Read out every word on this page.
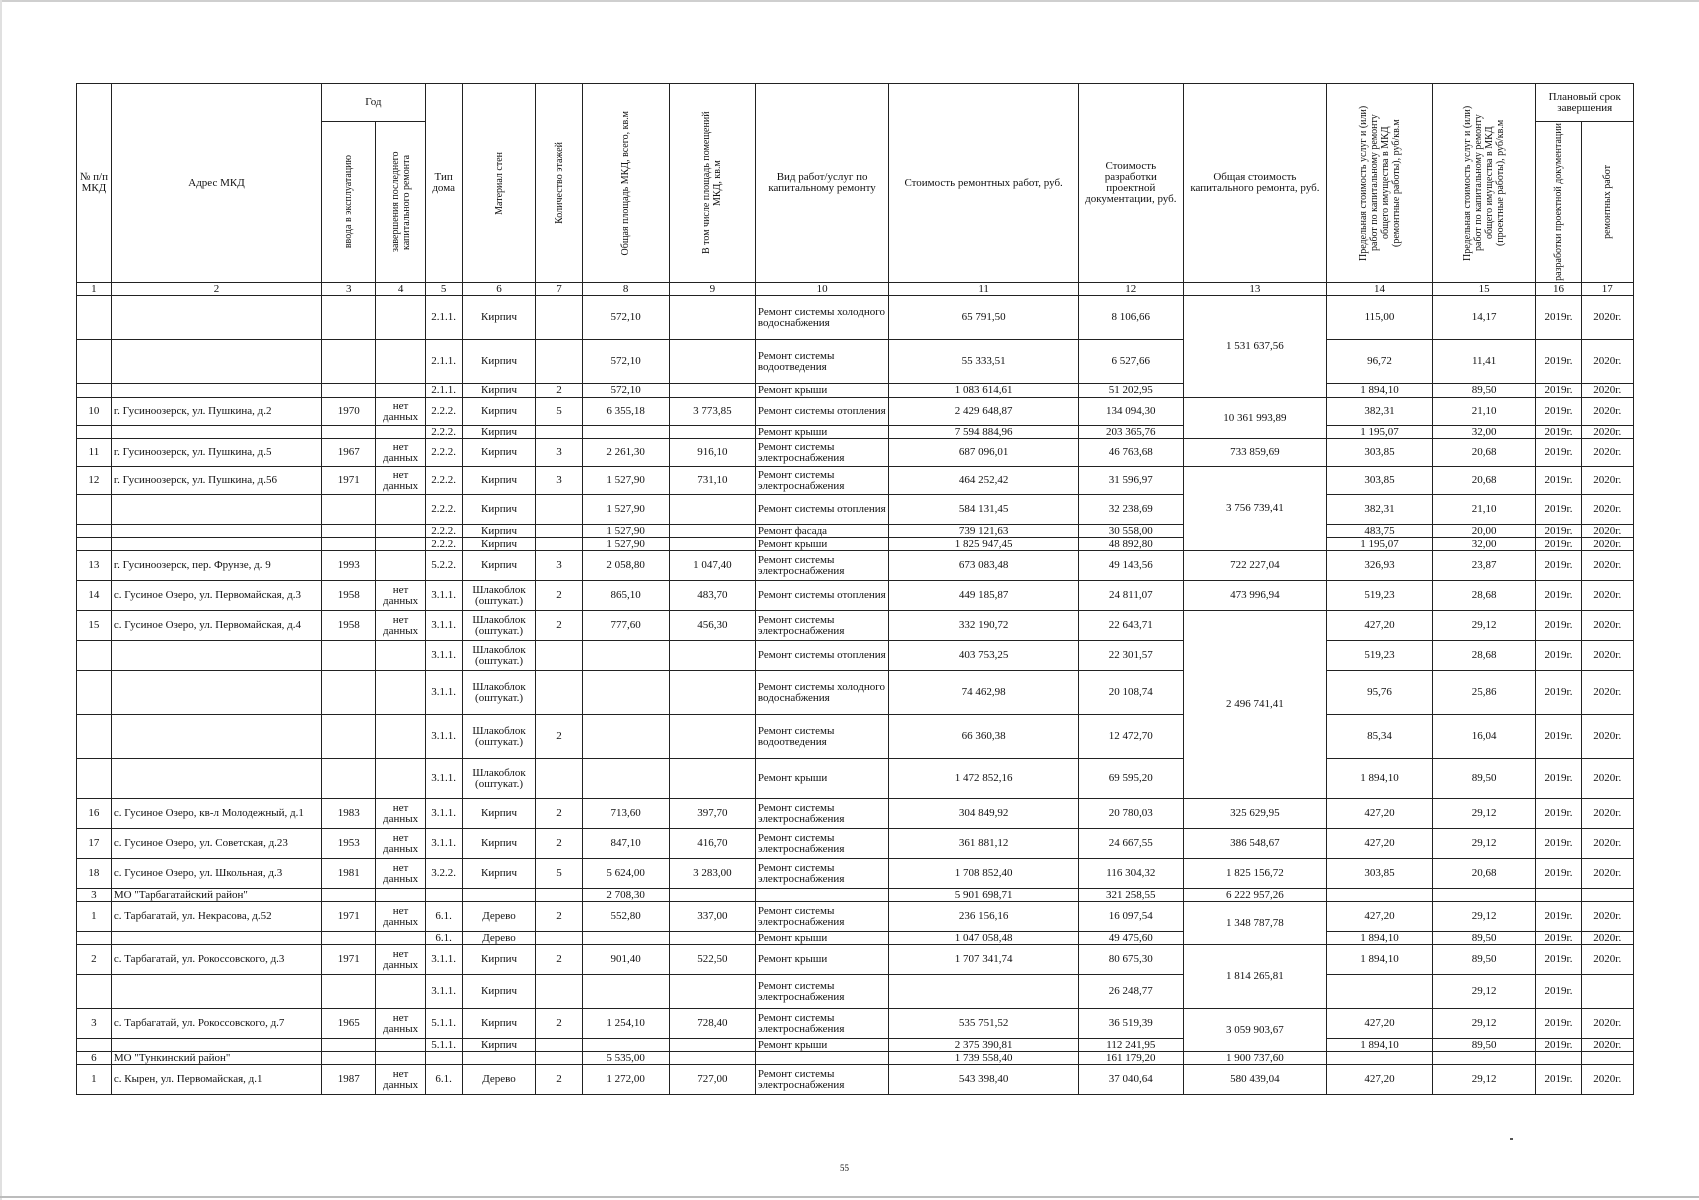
№ п/п МКД	Адрес МКД	Год		Тип дома	Материал стен	Количество этажей	Общая площадь МКД, всего, кв.м	В том числе площадь помещений МКД, кв.м	Вид работ/услуг по капитальному ремонту	Стоимость ремонтных работ, руб.	Стоимость разработки проектной документации, руб.	Общая стоимость капитального ремонта, руб.	Предельная стоимость услуг и (или) работ по капитальному ремонту общего имущества в МКД (ремонтные работы), руб/кв.м	Предельная стоимость услуг и (или) работ по капитальному ремонту общего имущества в МКД (проектные работы), руб/кв.м	Плановый срок завершения	

		ввода в эксплуатацию	завершения последнего капитального ремонта												разработки проектной документации	ремонтных работ

1	2	3	4	5	6	7	8	9	10	11	12	13	14	15	16	17
				2.1.1.	Кирпич		572,10		Ремонт системы холодного водоснабжения	65 791,50	8 106,66	1 531 637,56	115,00	14,17	2019г.	2020г.
				2.1.1.	Кирпич		572,10		Ремонт системы водоотведения	55 333,51	6 527,66		96,72	11,41	2019г.	2020г.
				2.1.1.	Кирпич	2	572,10		Ремонт крыши	1 083 614,61	51 202,95		1 894,10	89,50	2019г.	2020г.
10	г. Гусиноозерск, ул. Пушкина, д.2	1970	нет данных	2.2.2.	Кирпич	5	6 355,18	3 773,85	Ремонт системы отопления	2 429 648,87	134 094,30	10 361 993,89	382,31	21,10	2019г.	2020г.
				2.2.2.	Кирпич				Ремонт крыши	7 594 884,96	203 365,76		1 195,07	32,00	2019г.	2020г.
11	г. Гусиноозерск, ул. Пушкина, д.5	1967	нет данных	2.2.2.	Кирпич	3	2 261,30	916,10	Ремонт системы электроснабжения	687 096,01	46 763,68	733 859,69	303,85	20,68	2019г.	2020г.
12	г. Гусиноозерск, ул. Пушкина, д.56	1971	нет данных	2.2.2.	Кирпич	3	1 527,90	731,10	Ремонт системы электроснабжения	464 252,42	31 596,97	3 756 739,41	303,85	20,68	2019г.	2020г.
				2.2.2.	Кирпич		1 527,90		Ремонт системы отопления	584 131,45	32 238,69		382,31	21,10	2019г.	2020г.
				2.2.2.	Кирпич		1 527,90		Ремонт фасада	739 121,63	30 558,00		483,75	20,00	2019г.	2020г.
				2.2.2.	Кирпич		1 527,90		Ремонт крыши	1 825 947,45	48 892,80		1 195,07	32,00	2019г.	2020г.
13	г. Гусиноозерск, пер. Фрунзе, д. 9	1993		5.2.2.	Кирпич	3	2 058,80	1 047,40	Ремонт системы электроснабжения	673 083,48	49 143,56	722 227,04	326,93	23,87	2019г.	2020г.
14	с. Гусиное Озеро, ул. Первомайская, д.3	1958	нет данных	3.1.1.	Шлакоблок (оштукат.)	2	865,10	483,70	Ремонт системы отопления	449 185,87	24 811,07	473 996,94	519,23	28,68	2019г.	2020г.
15	с. Гусиное Озеро, ул. Первомайская, д.4	1958	нет данных	3.1.1.	Шлакоблок (оштукат.)	2	777,60	456,30	Ремонт системы электроснабжения	332 190,72	22 643,71	2 496 741,41	427,20	29,12	2019г.	2020г.
				3.1.1.	Шлакоблок (оштукат.)				Ремонт системы отопления	403 753,25	22 301,57		519,23	28,68	2019г.	2020г.
				3.1.1.	Шлакоблок (оштукат.)				Ремонт системы холодного водоснабжения	74 462,98	20 108,74		95,76	25,86	2019г.	2020г.
				3.1.1.	Шлакоблок (оштукат.)	2			Ремонт системы водоотведения	66 360,38	12 472,70		85,34	16,04	2019г.	2020г.
				3.1.1.	Шлакоблок (оштукат.)				Ремонт крыши	1 472 852,16	69 595,20		1 894,10	89,50	2019г.	2020г.
16	с. Гусиное Озеро, кв-л Молодежный, д.1	1983	нет данных	3.1.1.	Кирпич	2	713,60	397,70	Ремонт системы электроснабжения	304 849,92	20 780,03	325 629,95	427,20	29,12	2019г.	2020г.
17	с. Гусиное Озеро, ул. Советская, д.23	1953	нет данных	3.1.1.	Кирпич	2	847,10	416,70	Ремонт системы электроснабжения	361 881,12	24 667,55	386 548,67	427,20	29,12	2019г.	2020г.
18	с. Гусиное Озеро, ул. Школьная, д.3	1981	нет данных	3.2.2.	Кирпич	5	5 624,00	3 283,00	Ремонт системы электроснабжения	1 708 852,40	116 304,32	1 825 156,72	303,85	20,68	2019г.	2020г.
3	МО "Тарбагатайский район"						2 708,30			5 901 698,71	321 258,55	6 222 957,26				
1	с. Тарбагатай, ул. Некрасова, д.52	1971	нет данных	6.1.	Дерево	2	552,80	337,00	Ремонт системы электроснабжения	236 156,16	16 097,54	1 348 787,78	427,20	29,12	2019г.	2020г.
				6.1.	Дерево				Ремонт крыши	1 047 058,48	49 475,60		1 894,10	89,50	2019г.	2020г.
2	с. Тарбагатай, ул. Рокоссовского, д.3	1971	нет данных	3.1.1.	Кирпич	2	901,40	522,50	Ремонт крыши	1 707 341,74	80 675,30	1 814 265,81	1 894,10	89,50	2019г.	2020г.
				3.1.1.	Кирпич				Ремонт системы электроснабжения		26 248,77			29,12	2019г.	
3	с. Тарбагатай, ул. Рокоссовского, д.7	1965	нет данных	5.1.1.	Кирпич	2	1 254,10	728,40	Ремонт системы электроснабжения	535 751,52	36 519,39	3 059 903,67	427,20	29,12	2019г.	2020г.
				5.1.1.	Кирпич				Ремонт крыши	2 375 390,81	112 241,95		1 894,10	89,50	2019г.	2020г.
6	МО "Тункинский район"						5 535,00			1 739 558,40	161 179,20	1 900 737,60				
1	с. Кырен, ул. Первомайская, д.1	1987	нет данных	6.1.	Дерево	2	1 272,00	727,00	Ремонт системы электроснабжения	543 398,40	37 040,64	580 439,04	427,20	29,12	2019г.	2020г.
55
